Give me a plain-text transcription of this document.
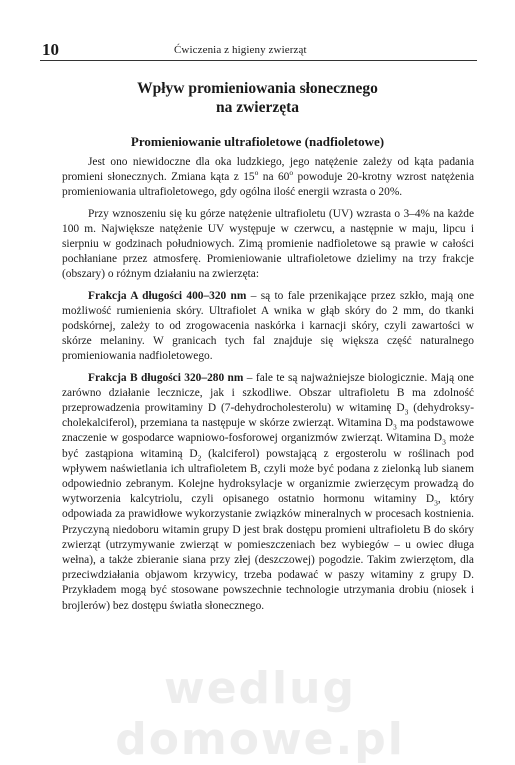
10	Ćwiczenia z higieny zwierząt
Wpływ promieniowania słonecznego
na zwierzęta
Promieniowanie ultrafioletowe (nadfioletowe)

Jest ono niewidoczne dla oka ludzkiego, jego natężenie zależy od kąta padania promieni słonecznych. Zmiana kąta z 15$^o$ na 60$^o$ powoduje 20-krotny wzrost natężenia promieniowania ultrafioletowego, gdy ogólna ilość energii wzrasta o 20%.

Przy wznoszeniu się ku górze natężenie ultrafioletu (UV) wzrasta o 3–4% na każde 100 m. Największe natężenie UV występuje w czerwcu, a następnie w maju, lipcu i sierpniu w godzinach południowych. Zimą promienie nadfioletowe są prawie w całości pochłaniane przez atmosferę. Promieniowanie ultrafioletowe dzielimy na trzy frakcje (obszary) o różnym działaniu na zwierzęta:

Frakcja A długości 400–320 nm – są to fale przenikające przez szkło, mają one możliwość rumienienia skóry. Ultrafiolet A wnika w głąb skóry do 2 mm, do tkanki podskórnej, zależy to od zrogowacenia naskórka i karnacji skóry, czyli zawartości w skórze melaniny. W granicach tych fal znajduje się większa część naturalnego promieniowania nadfioletowego.

Frakcja B długości 320–280 nm – fale te są najważniejsze biologicznie. Mają one zarówno działanie lecznicze, jak i szkodliwe. Obszar ultrafioletu B ma zdolność przeprowadzenia prowitaminy D (7-dehydrocholesterolu) w witaminę $D_3$ (dehydroksy-cholekalciferol), przemiana ta następuje w skórze zwierząt. Witamina $D_3$ ma podstawowe znaczenie w gospodarce wapniowo-fosforowej organizmów zwierząt. Witamina $D_3$ może być zastąpiona witaminą $D_2$ (kalciferol) powstającą z ergosterolu w roślinach pod wpływem naświetlania ich ultrafioletem B, czyli może być podana z zielonką lub sianem odpowiednio zebranym. Kolejne hydroksylacje w organizmie zwierzęcym prowadzą do wytworzenia kalcytriolu, czyli opisanego ostatnio hormonu witaminy $D_3$, który odpowiada za prawidłowe wykorzystanie związków mineralnych w procesach kostnienia. Przyczyną niedoboru witamin grupy D jest brak dostępu promieni ultrafioletu B do skóry zwierząt (utrzymywanie zwierząt w pomieszczeniach bez wybiegów – u owiec długa wełna), a także zbieranie siana przy złej (deszczowej) pogodzie. Takim zwierzętom, dla przeciwdziałania objawom krzywicy, trzeba podawać w paszy witaminy z grupy D. Przykładem mogą być stosowane powszechnie technologie utrzymania drobiu (niosek i brojlerów) bez dostępu światła słonecznego.

wedlug domowe.pl
